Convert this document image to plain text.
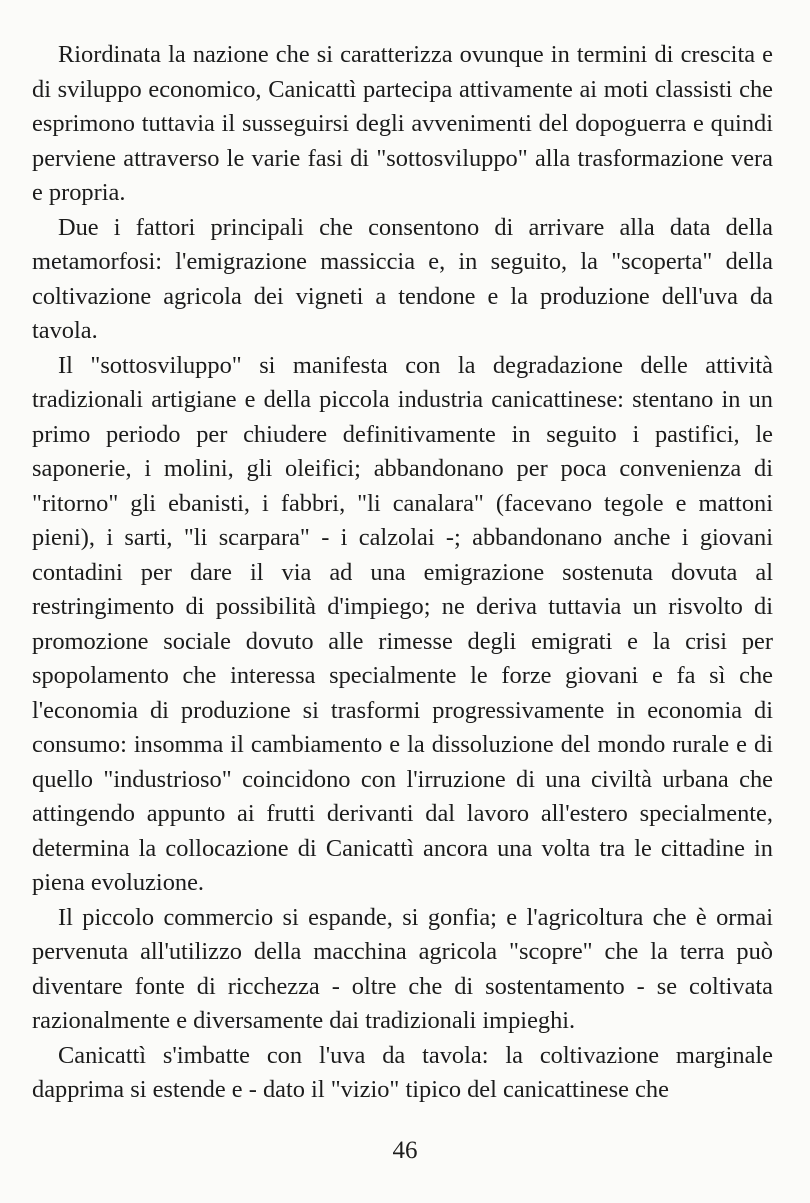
Riordinata la nazione che si caratterizza ovunque in termini di crescita e di sviluppo economico, Canicattì partecipa attivamente ai moti classisti che esprimono tuttavia il susseguirsi degli avvenimenti del dopoguerra e quindi perviene attraverso le varie fasi di "sottosviluppo" alla trasformazione vera e propria.

Due i fattori principali che consentono di arrivare alla data della metamorfosi: l'emigrazione massiccia e, in seguito, la "scoperta" della coltivazione agricola dei vigneti a tendone e la produzione dell'uva da tavola.

Il "sottosviluppo" si manifesta con la degradazione delle attività tradizionali artigiane e della piccola industria canicattinese: stentano in un primo periodo per chiudere definitivamente in seguito i pastifici, le saponerie, i molini, gli oleifici; abbandonano per poca convenienza di "ritorno" gli ebanisti, i fabbri, "li canalara" (facevano tegole e mattoni pieni), i sarti, "li scarpara" - i calzolai -; abbandonano anche i giovani contadini per dare il via ad una emigrazione sostenuta dovuta al restringimento di possibilità d'impiego; ne deriva tuttavia un risvolto di promozione sociale dovuto alle rimesse degli emigrati e la crisi per spopolamento che interessa specialmente le forze giovani e fa sì che l'economia di produzione si trasformi progressivamente in economia di consumo: insomma il cambiamento e la dissoluzione del mondo rurale e di quello "industrioso" coincidono con l'irruzione di una civiltà urbana che attingendo appunto ai frutti derivanti dal lavoro all'estero specialmente, determina la collocazione di Canicattì ancora una volta tra le cittadine in piena evoluzione.

Il piccolo commercio si espande, si gonfia; e l'agricoltura che è ormai pervenuta all'utilizzo della macchina agricola "scopre" che la terra può diventare fonte di ricchezza - oltre che di sostentamento - se coltivata razionalmente e diversamente dai tradizionali impieghi.

Canicattì s'imbatte con l'uva da tavola: la coltivazione marginale dapprima si estende e - dato il "vizio" tipico del canicattinese che

46
